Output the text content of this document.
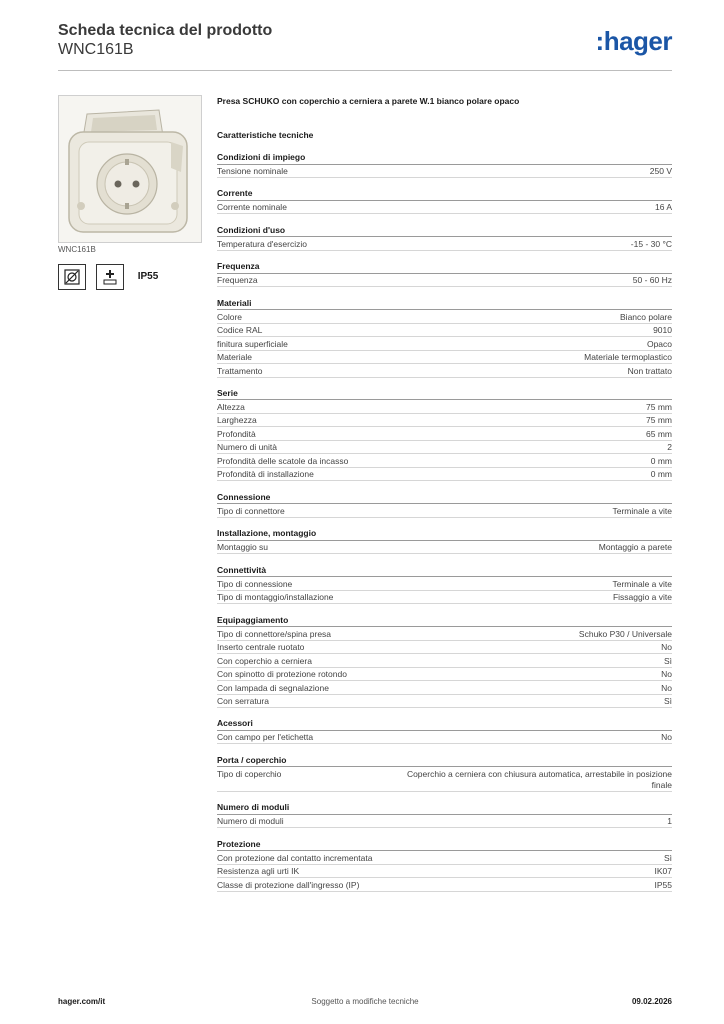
Scheda tecnica del prodotto
WNC161B	:hager
WNC161B
IP55
Presa SCHUKO con coperchio a cerniera a parete W.1 bianco polare opaco
Caratteristiche tecniche
Condizioni di impiego
Tensione nominale	250 V
Corrente
Corrente nominale	16 A
Condizioni d'uso
Temperatura d'esercizio	-15 - 30 °C
Frequenza
Frequenza	50 - 60 Hz
Materiali
Colore	Bianco polare
Codice RAL	9010
finitura superficiale	Opaco
Materiale	Materiale termoplastico
Trattamento	Non trattato
Serie
Altezza	75 mm
Larghezza	75 mm
Profondità	65 mm
Numero di unità	2
Profondità delle scatole da incasso	0 mm
Profondità di installazione	0 mm
Connessione
Tipo di connettore	Terminale a vite
Installazione, montaggio
Montaggio su	Montaggio a parete
Connettività
Tipo di connessione	Terminale a vite
Tipo di montaggio/installazione	Fissaggio a vite
Equipaggiamento
Tipo di connettore/spina presa	Schuko P30 / Universale
Inserto centrale ruotato	No
Con coperchio a cerniera	Sì
Con spinotto di protezione rotondo	No
Con lampada di segnalazione	No
Con serratura	Sì
Acessori
Con campo per l'etichetta	No
Porta / coperchio
Tipo di coperchio	Coperchio a cerniera con chiusura automatica, arrestabile in posizione finale
Numero di moduli
Numero di moduli	1
Protezione
Con protezione dal contatto incrementata	Sì
Resistenza agli urti IK	IK07
Classe di protezione dall'ingresso (IP)	IP55
hager.com/it	Soggetto a modifiche tecniche	09.02.2026
